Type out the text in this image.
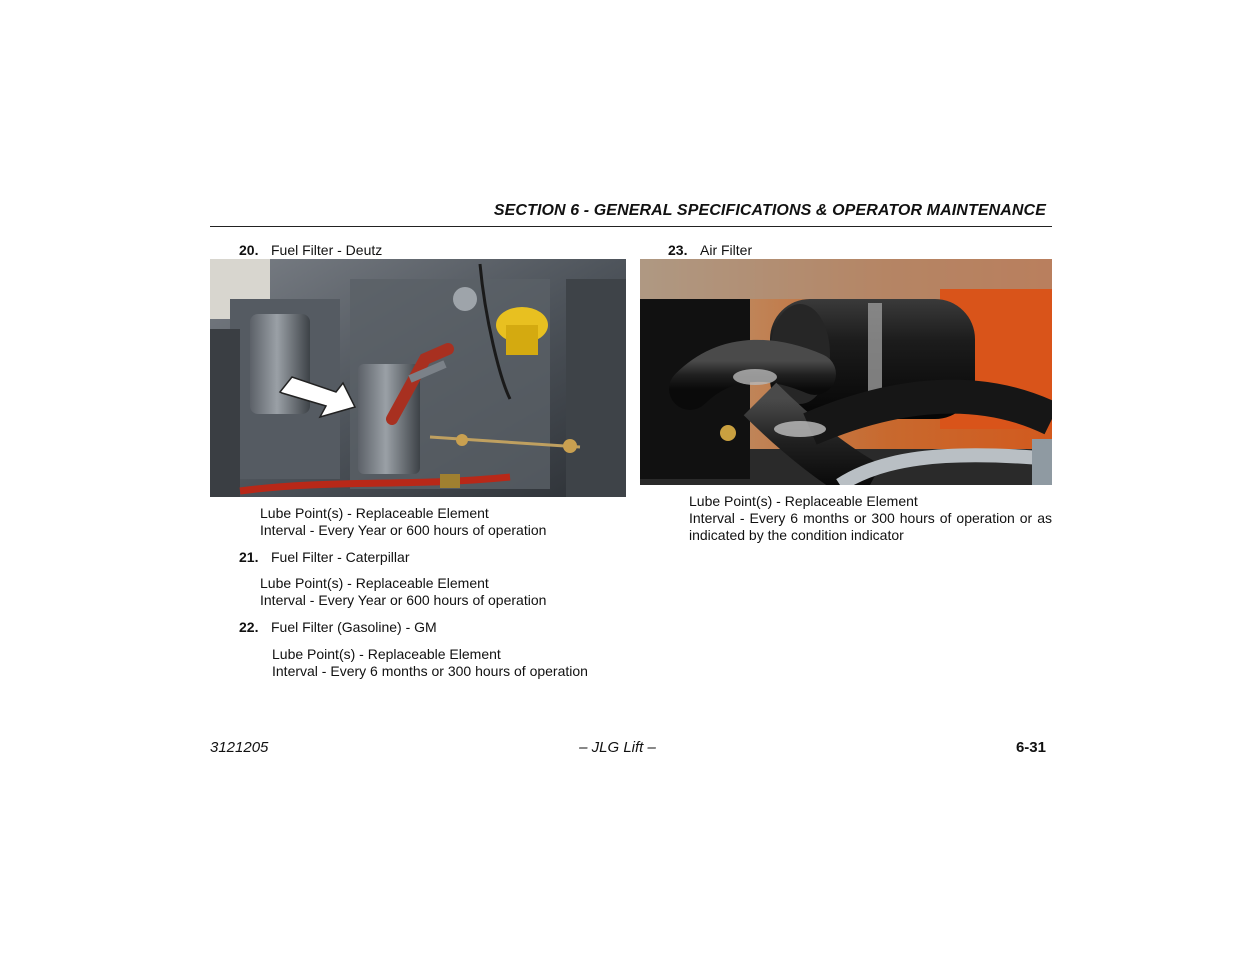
SECTION 6 - GENERAL SPECIFICATIONS & OPERATOR MAINTENANCE
20. Fuel Filter - Deutz
Lube Point(s) - Replaceable Element
Interval - Every Year or 600 hours of operation
21. Fuel Filter - Caterpillar
Lube Point(s) - Replaceable Element
Interval - Every Year or 600 hours of operation
22. Fuel Filter (Gasoline) - GM
Lube Point(s) - Replaceable Element
Interval - Every 6 months or 300 hours of operation
23. Air Filter
Lube Point(s) - Replaceable Element
Interval - Every 6 months or 300 hours of operation or as indicated by the condition indicator
3121205	– JLG Lift –	6-31
